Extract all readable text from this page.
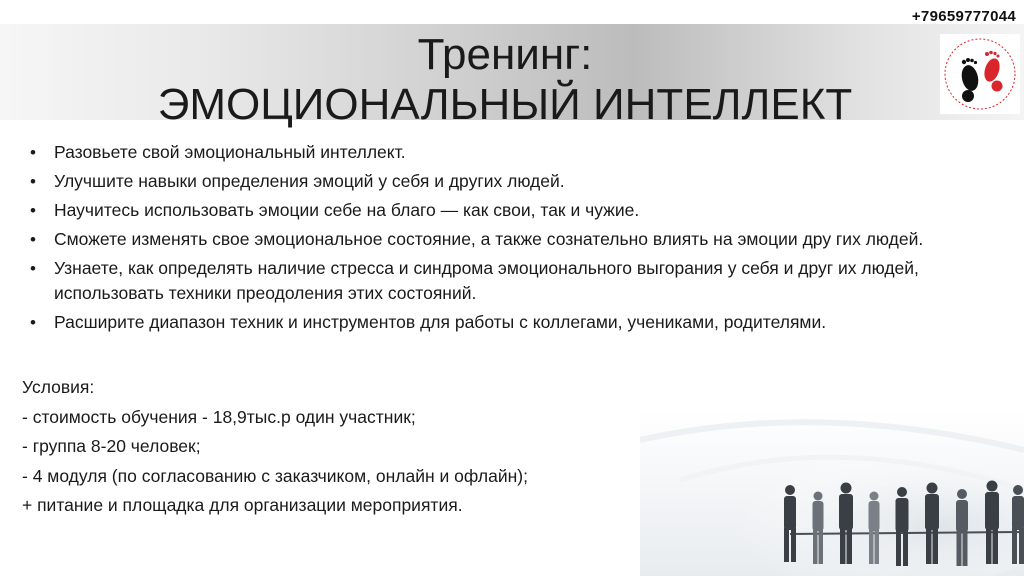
+79659777044
Тренинг:
ЭМОЦИОНАЛЬНЫЙ ИНТЕЛЛЕКТ
• Разовьете свой эмоциональный интеллект.
• Улучшите навыки определения эмоций у себя и других людей.
• Научитесь использовать эмоции себе на благо — как свои, так и чужие.
• Сможете изменять свое эмоциональное состояние, а также сознательно влиять на эмоции дру гих людей.
• Узнаете, как определять наличие стресса и синдрома эмоционального выгорания у себя и друг их людей, использовать техники преодоления этих состояний.
• Расширите диапазон техник и инструментов для работы с коллегами, учениками, родителями.
Условия:
- стоимость обучения - 18,9тыс.р один участник;
- группа 8-20 человек;
- 4 модуля (по согласованию с заказчиком, онлайн и офлайн);
+ питание и площадка для организации мероприятия.
